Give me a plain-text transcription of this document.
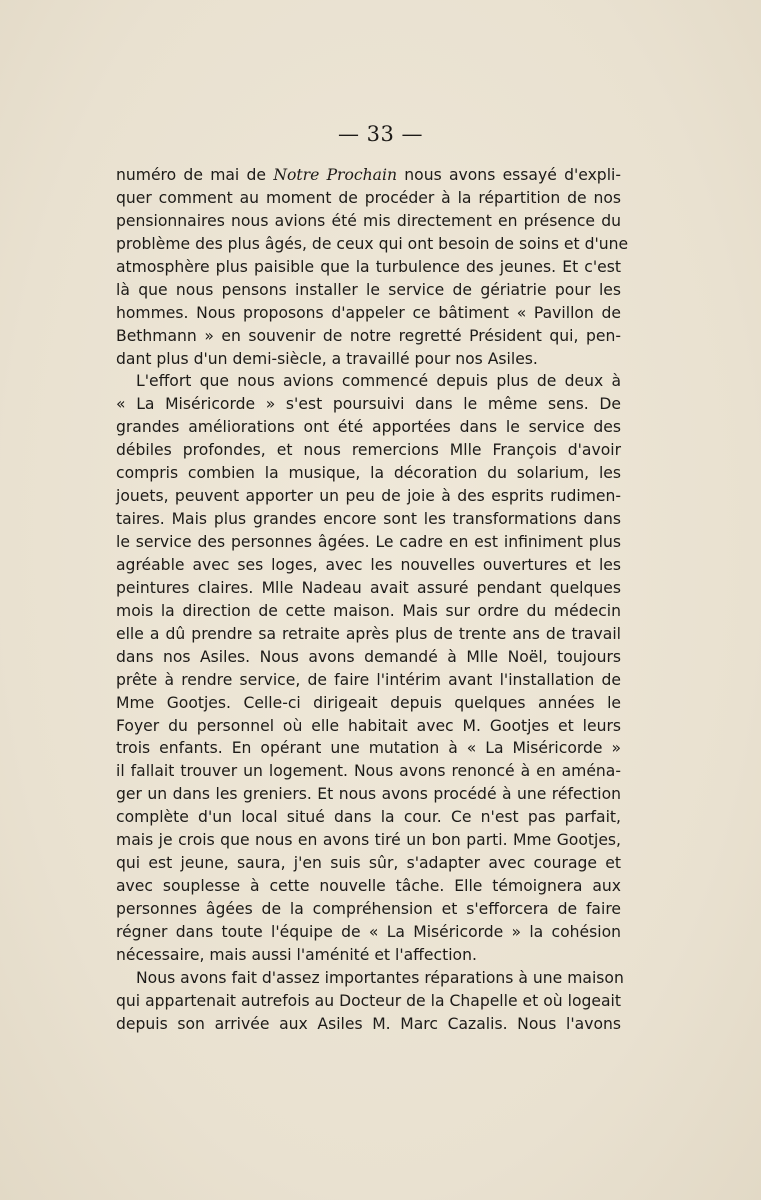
— 33 —
numéro de mai de Notre Prochain nous avons essayé d'expli-
quer comment au moment de procéder à la répartition de nos
pensionnaires nous avions été mis directement en présence du
problème des plus âgés, de ceux qui ont besoin de soins et d'une
atmosphère plus paisible que la turbulence des jeunes. Et c'est
là que nous pensons installer le service de gériatrie pour les
hommes. Nous proposons d'appeler ce bâtiment « Pavillon de
Bethmann » en souvenir de notre regretté Président qui, pen-
dant plus d'un demi-siècle, a travaillé pour nos Asiles.
L'effort que nous avions commencé depuis plus de deux à
« La Miséricorde » s'est poursuivi dans le même sens. De
grandes améliorations ont été apportées dans le service des
débiles profondes, et nous remercions Mlle François d'avoir
compris combien la musique, la décoration du solarium, les
jouets, peuvent apporter un peu de joie à des esprits rudimen-
taires. Mais plus grandes encore sont les transformations dans
le service des personnes âgées. Le cadre en est infiniment plus
agréable avec ses loges, avec les nouvelles ouvertures et les
peintures claires. Mlle Nadeau avait assuré pendant quelques
mois la direction de cette maison. Mais sur ordre du médecin
elle a dû prendre sa retraite après plus de trente ans de travail
dans nos Asiles. Nous avons demandé à Mlle Noël, toujours
prête à rendre service, de faire l'intérim avant l'installation de
Mme Gootjes. Celle-ci dirigeait depuis quelques années le
Foyer du personnel où elle habitait avec M. Gootjes et leurs
trois enfants. En opérant une mutation à « La Miséricorde »
il fallait trouver un logement. Nous avons renoncé à en aména-
ger un dans les greniers. Et nous avons procédé à une réfection
complète d'un local situé dans la cour. Ce n'est pas parfait,
mais je crois que nous en avons tiré un bon parti. Mme Gootjes,
qui est jeune, saura, j'en suis sûr, s'adapter avec courage et
avec souplesse à cette nouvelle tâche. Elle témoignera aux
personnes âgées de la compréhension et s'efforcera de faire
régner dans toute l'équipe de « La Miséricorde » la cohésion
nécessaire, mais aussi l'aménité et l'affection.
Nous avons fait d'assez importantes réparations à une maison
qui appartenait autrefois au Docteur de la Chapelle et où logeait
depuis son arrivée aux Asiles M. Marc Cazalis. Nous l'avons
